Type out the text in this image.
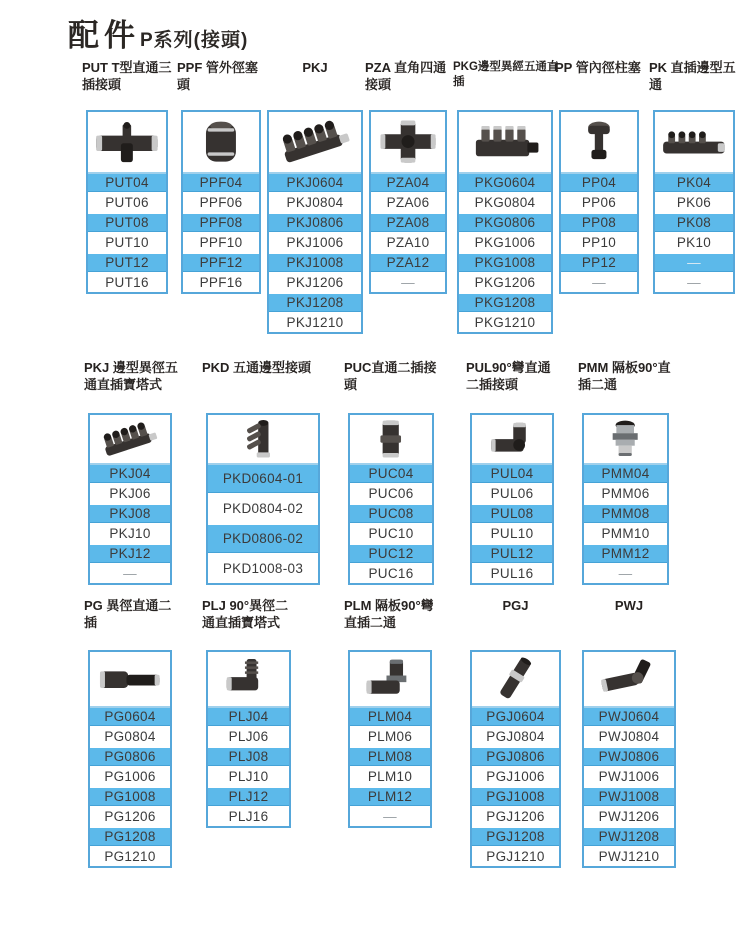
配件P系列(接頭)
PUT T型直通三插接頭
PUT04
PUT06
PUT08
PUT10
PUT12
PUT16
PPF 管外徑塞頭
PPF04
PPF06
PPF08
PPF10
PPF12
PPF16
PKJ
PKJ0604
PKJ0804
PKJ0806
PKJ1006
PKJ1008
PKJ1206
PKJ1208
PKJ1210
PZA 直角四通接頭
PZA04
PZA06
PZA08
PZA10
PZA12
—
PKG邊型異經五通直插
PKG0604
PKG0804
PKG0806
PKG1006
PKG1008
PKG1206
PKG1208
PKG1210
PP 管內徑柱塞
PP04
PP06
PP08
PP10
PP12
—
PK 直插邊型五通
PK04
PK06
PK08
PK10
—
—
PKJ 邊型異徑五通直插寶塔式
PKJ04
PKJ06
PKJ08
PKJ10
PKJ12
—
PKD 五通邊型接頭
PKD0604-01
PKD0804-02
PKD0806-02
PKD1008-03
PUC直通二插接頭
PUC04
PUC06
PUC08
PUC10
PUC12
PUC16
PUL90°彎直通二插接頭
PUL04
PUL06
PUL08
PUL10
PUL12
PUL16
PMM 隔板90°直插二通
PMM04
PMM06
PMM08
PMM10
PMM12
—
PG 異徑直通二插
PG0604
PG0804
PG0806
PG1006
PG1008
PG1206
PG1208
PG1210
PLJ 90°異徑二通直插寶塔式
PLJ04
PLJ06
PLJ08
PLJ10
PLJ12
PLJ16
PLM 隔板90°彎直插二通
PLM04
PLM06
PLM08
PLM10
PLM12
—
PGJ
PGJ0604
PGJ0804
PGJ0806
PGJ1006
PGJ1008
PGJ1206
PGJ1208
PGJ1210
PWJ
PWJ0604
PWJ0804
PWJ0806
PWJ1006
PWJ1008
PWJ1206
PWJ1208
PWJ1210
